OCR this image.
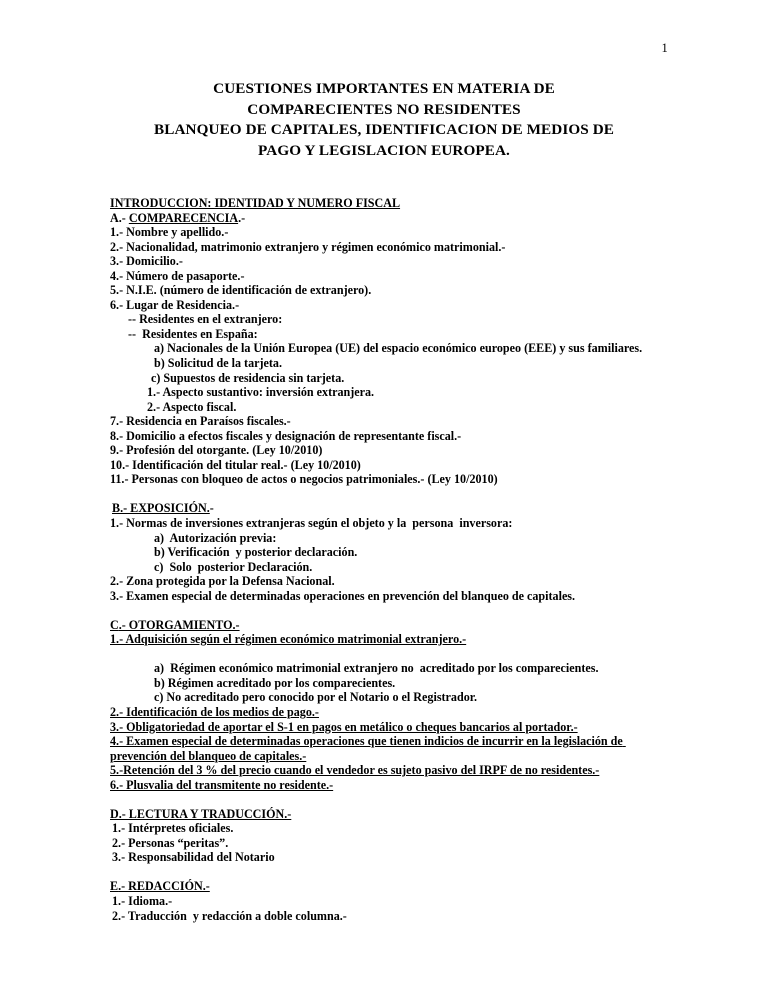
1
CUESTIONES IMPORTANTES EN MATERIA DE
COMPARECIENTES NO RESIDENTES
BLANQUEO DE CAPITALES, IDENTIFICACION DE MEDIOS DE
PAGO Y LEGISLACION EUROPEA.
INTRODUCCION: IDENTIDAD Y NUMERO FISCAL
A.- COMPARECENCIA.-
1.- Nombre y apellido.-
2.- Nacionalidad, matrimonio extranjero y régimen económico matrimonial.-
3.- Domicilio.-
4.- Número de pasaporte.-
5.- N.I.E. (número de identificación de extranjero).
6.- Lugar de Residencia.-
-- Residentes en el extranjero:
--  Residentes en España:
a) Nacionales de la Unión Europea (UE) del espacio económico europeo (EEE) y sus familiares.
b) Solicitud de la tarjeta.
c) Supuestos de residencia sin tarjeta.
1.- Aspecto sustantivo: inversión extranjera.
2.- Aspecto fiscal.
7.- Residencia en Paraísos fiscales.-
8.- Domicilio a efectos fiscales y designación de representante fiscal.-
9.- Profesión del otorgante. (Ley 10/2010)
10.- Identificación del titular real.- (Ley 10/2010)
11.- Personas con bloqueo de actos o negocios patrimoniales.- (Ley 10/2010)
B.- EXPOSICIÓN.-
1.- Normas de inversiones extranjeras según el objeto y la  persona  inversora:
a)  Autorización previa:
b) Verificación  y posterior declaración.
c)  Solo  posterior Declaración.
2.- Zona protegida por la Defensa Nacional.
3.- Examen especial de determinadas operaciones en prevención del blanqueo de capitales.
C.- OTORGAMIENTO.-
1.- Adquisición según el régimen económico matrimonial extranjero.-
a)  Régimen económico matrimonial extranjero no  acreditado por los comparecientes.
b) Régimen acreditado por los comparecientes.
c) No acreditado pero conocido por el Notario o el Registrador.
2.- Identificación de los medios de pago.-
3.- Obligatoriedad de aportar el S-1 en pagos en metálico o cheques bancarios al portador.-
4.- Examen especial de determinadas operaciones que tienen indicios de incurrir en la legislación de prevención del blanqueo de capitales.-
5.-Retención del 3 % del precio cuando el vendedor es sujeto pasivo del IRPF de no residentes.-
6.- Plusvalia del transmitente no residente.-
D.- LECTURA Y TRADUCCIÓN.-
1.- Intérpretes oficiales.
2.- Personas “peritas”.
3.- Responsabilidad del Notario
E.- REDACCIÓN.-
1.- Idioma.-
2.- Traducción  y redacción a doble columna.-
